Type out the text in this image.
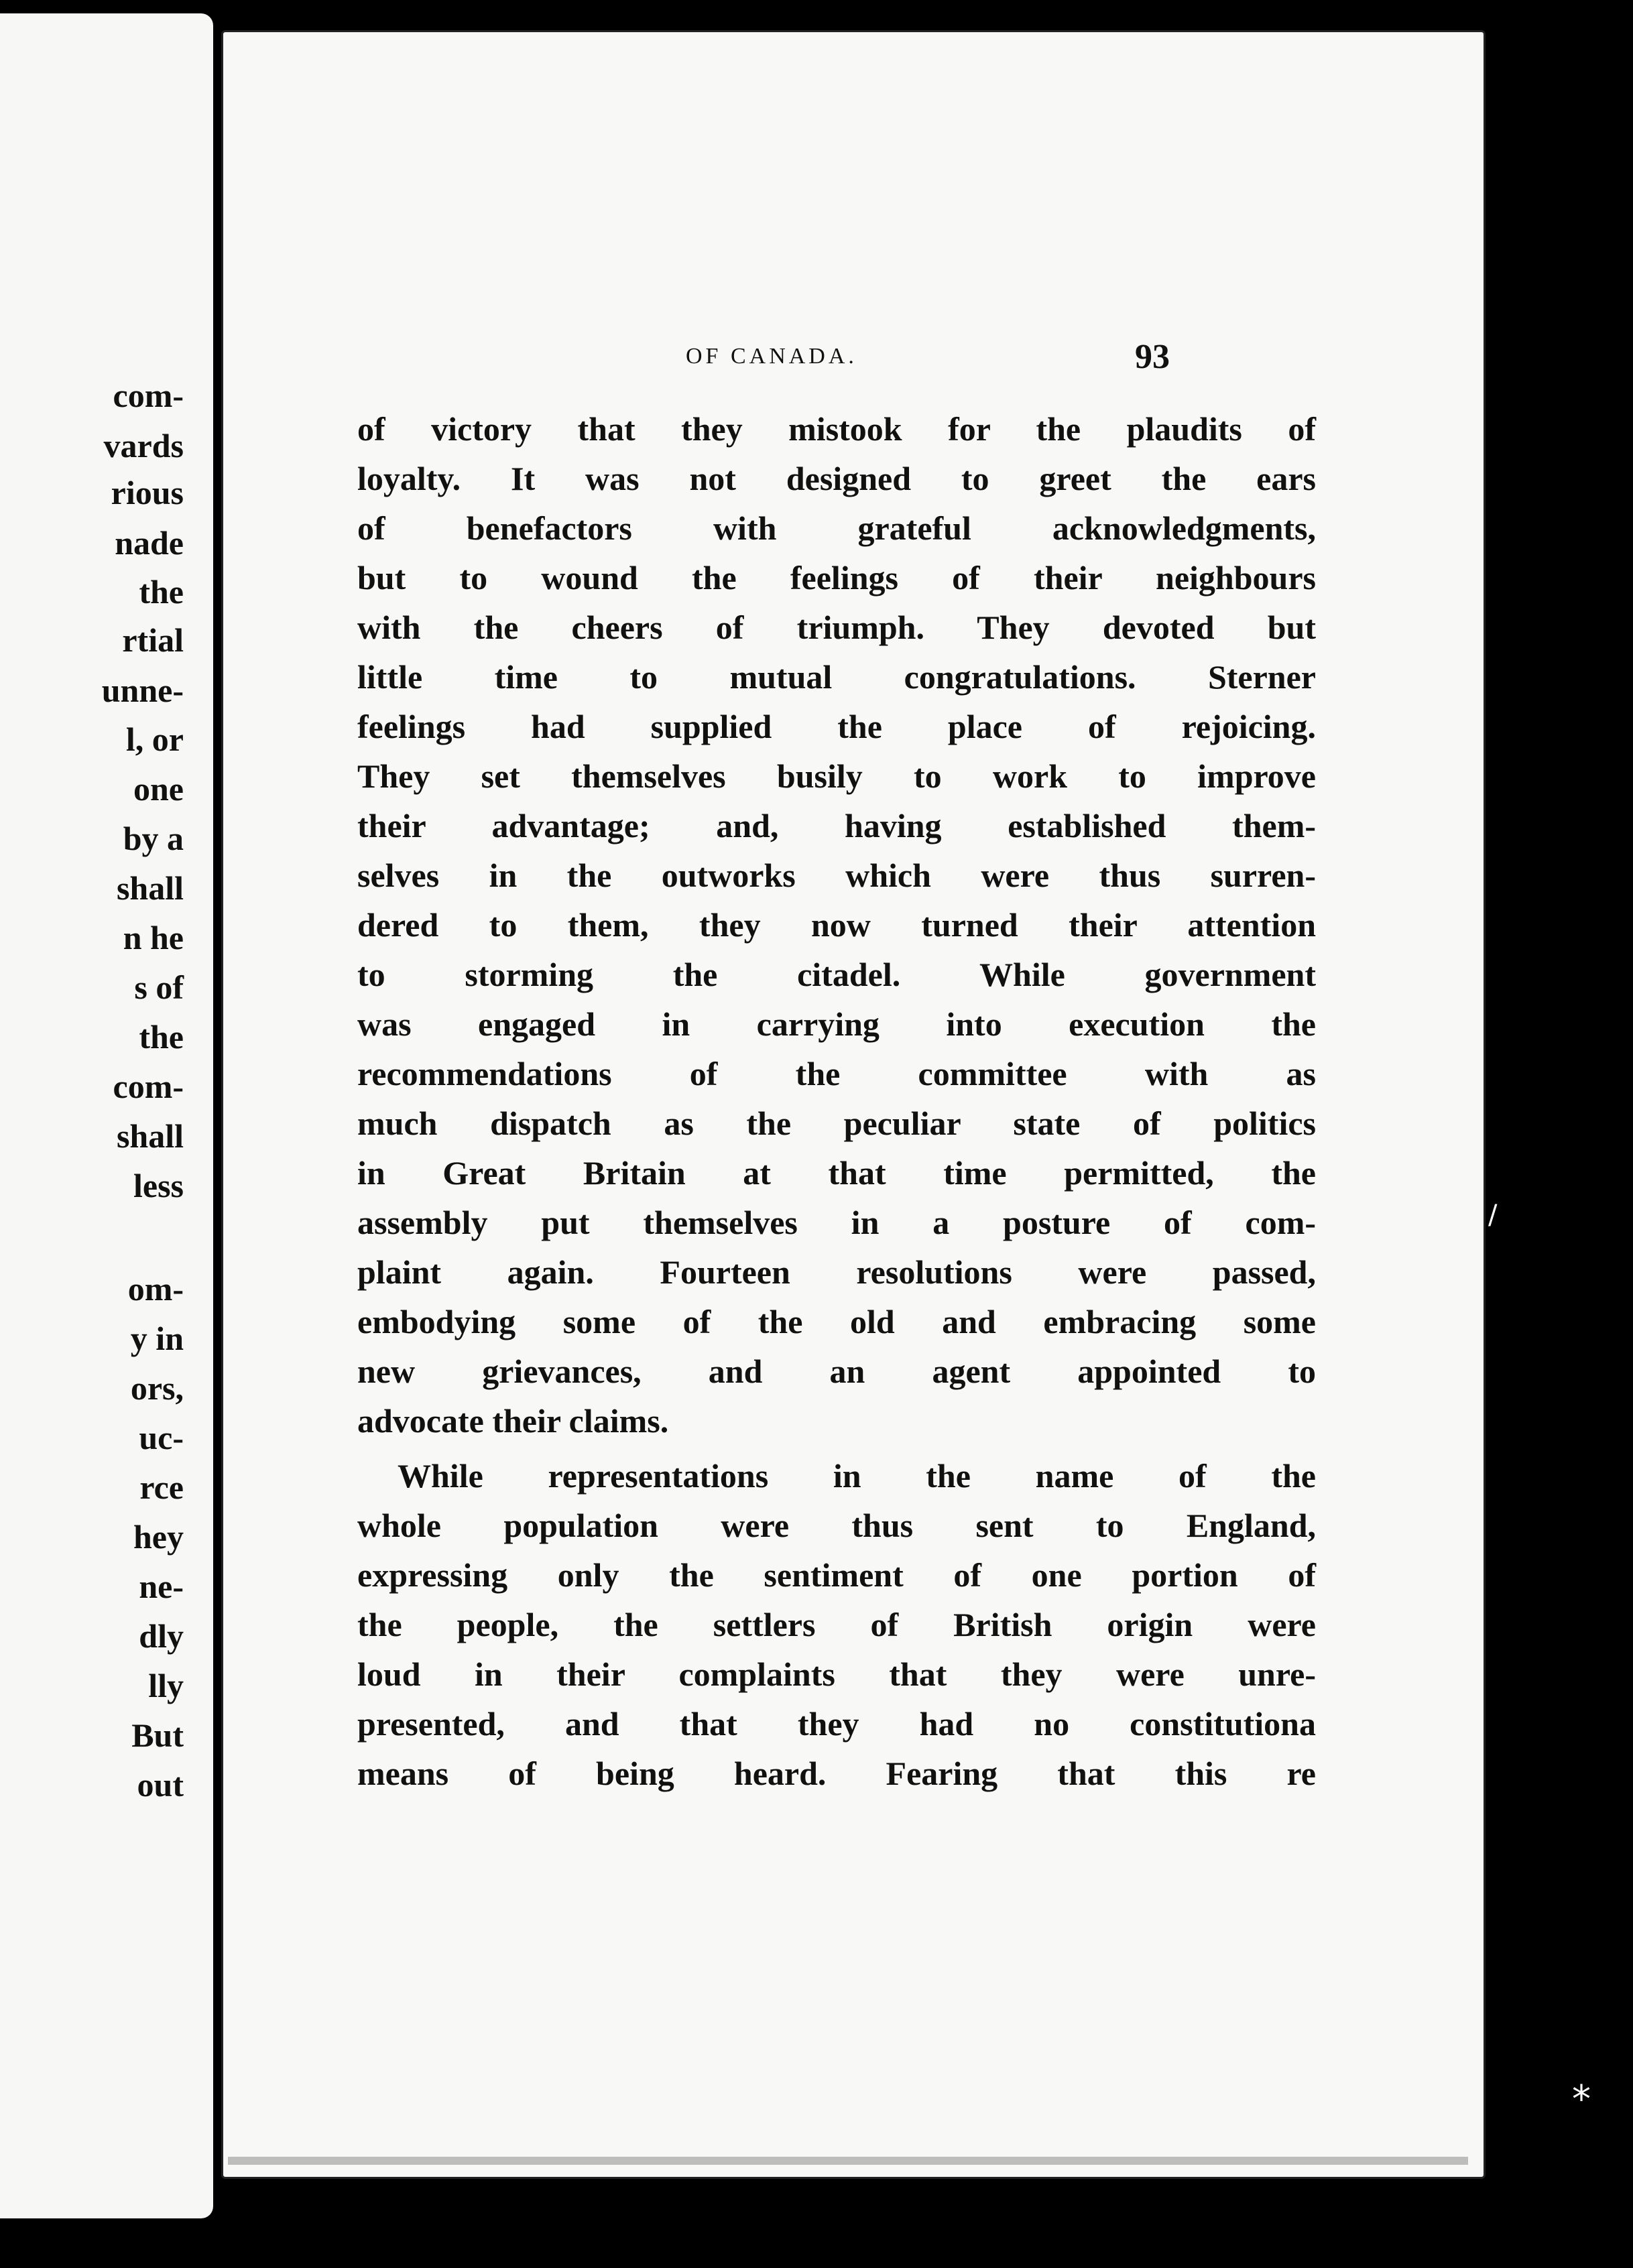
com-
vards
rious
nade
the
rtial
unne-
l, or
one
by a
shall
n he
s of
the
com-
shall
less
om-
y in
ors,
uc-
rce
hey
ne-
dly
lly
But
out
OF CANADA.	93
of victory that they mistook for the plaudits of
loyalty. It was not designed to greet the ears
of benefactors with grateful acknowledgments,
but to wound the feelings of their neighbours
with the cheers of triumph. They devoted but
little time to mutual congratulations. Sterner
feelings had supplied the place of rejoicing.
They set themselves busily to work to improve
their advantage; and, having established them-
selves in the outworks which were thus surren-
dered to them, they now turned their attention
to storming the citadel. While government
was engaged in carrying into execution the
recommendations of the committee with as
much dispatch as the peculiar state of politics
in Great Britain at that time permitted, the
assembly put themselves in a posture of com-
plaint again. Fourteen resolutions were passed,
embodying some of the old and embracing some
new grievances, and an agent appointed to
advocate their claims.
While representations in the name of the
whole population were thus sent to England,
expressing only the sentiment of one portion of
the people, the settlers of British origin were
loud in their complaints that they were unre-
presented, and that they had no constitutiona
means of being heard. Fearing that this re
/
*
